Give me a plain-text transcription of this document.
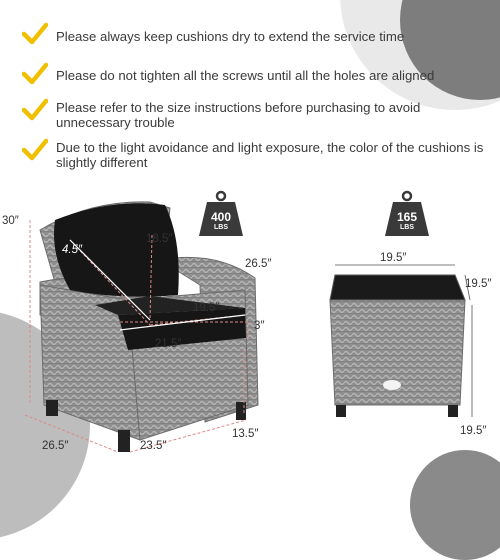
Please always keep cushions dry to extend the service time
Please do not tighten all the screws until all the holes are aligned
Please refer to the size instructions before purchasing to avoid unnecessary trouble
Due to the light avoidance and light exposure, the color of the cushions is slightly different
400
LBS
30″
4.5″
18.5″
26.5″
19.5″
3″
21.5″
13.5″
26.5″	23.5″
165
LBS
19.5″
19.5″
19.5″
